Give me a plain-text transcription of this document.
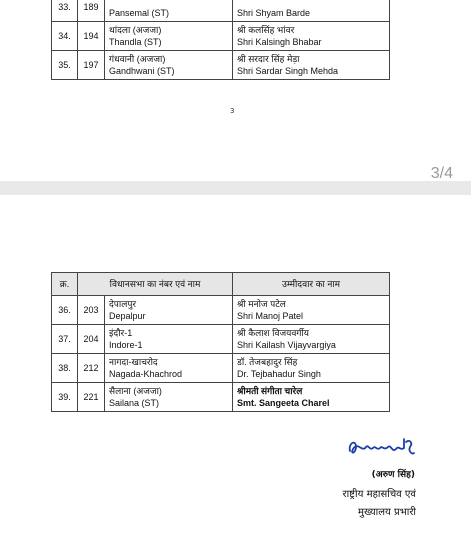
33.	189	Pansemal (ST)	Shri Shyam Barde

34.	194	थांदला (अजजा)
Thandla (ST)	श्री कलसिंह भांवर
Shri Kalsingh Bhabar

35.	197	गंधवानी (अजजा)
Gandhwani (ST)	श्री सरदार सिंह मेड़ा
Shri Sardar Singh Mehda
3
3/4
क्र.	विधानसभा का नंबर एवं नाम		उम्मीदवार का नाम
36.	203	देपालपुर
Depalpur	श्री मनोज पटेल
Shri Manoj Patel

37.	204	इंदौर-1
Indore-1	श्री कैलाश विजयवर्गीय
Shri Kailash Vijayvargiya

38.	212	नागदा-खाचरोद
Nagada-Khachrod	डॉ. तेजबहादुर सिंह
Dr. Tejbahadur Singh

39.	221	सैलाना (अजजा)
Sailana (ST)	श्रीमती संगीता चारेल
Smt. Sangeeta Charel
(अरुण सिंह)
राष्ट्रीय महासचिव एवं
मुख्यालय प्रभारी
